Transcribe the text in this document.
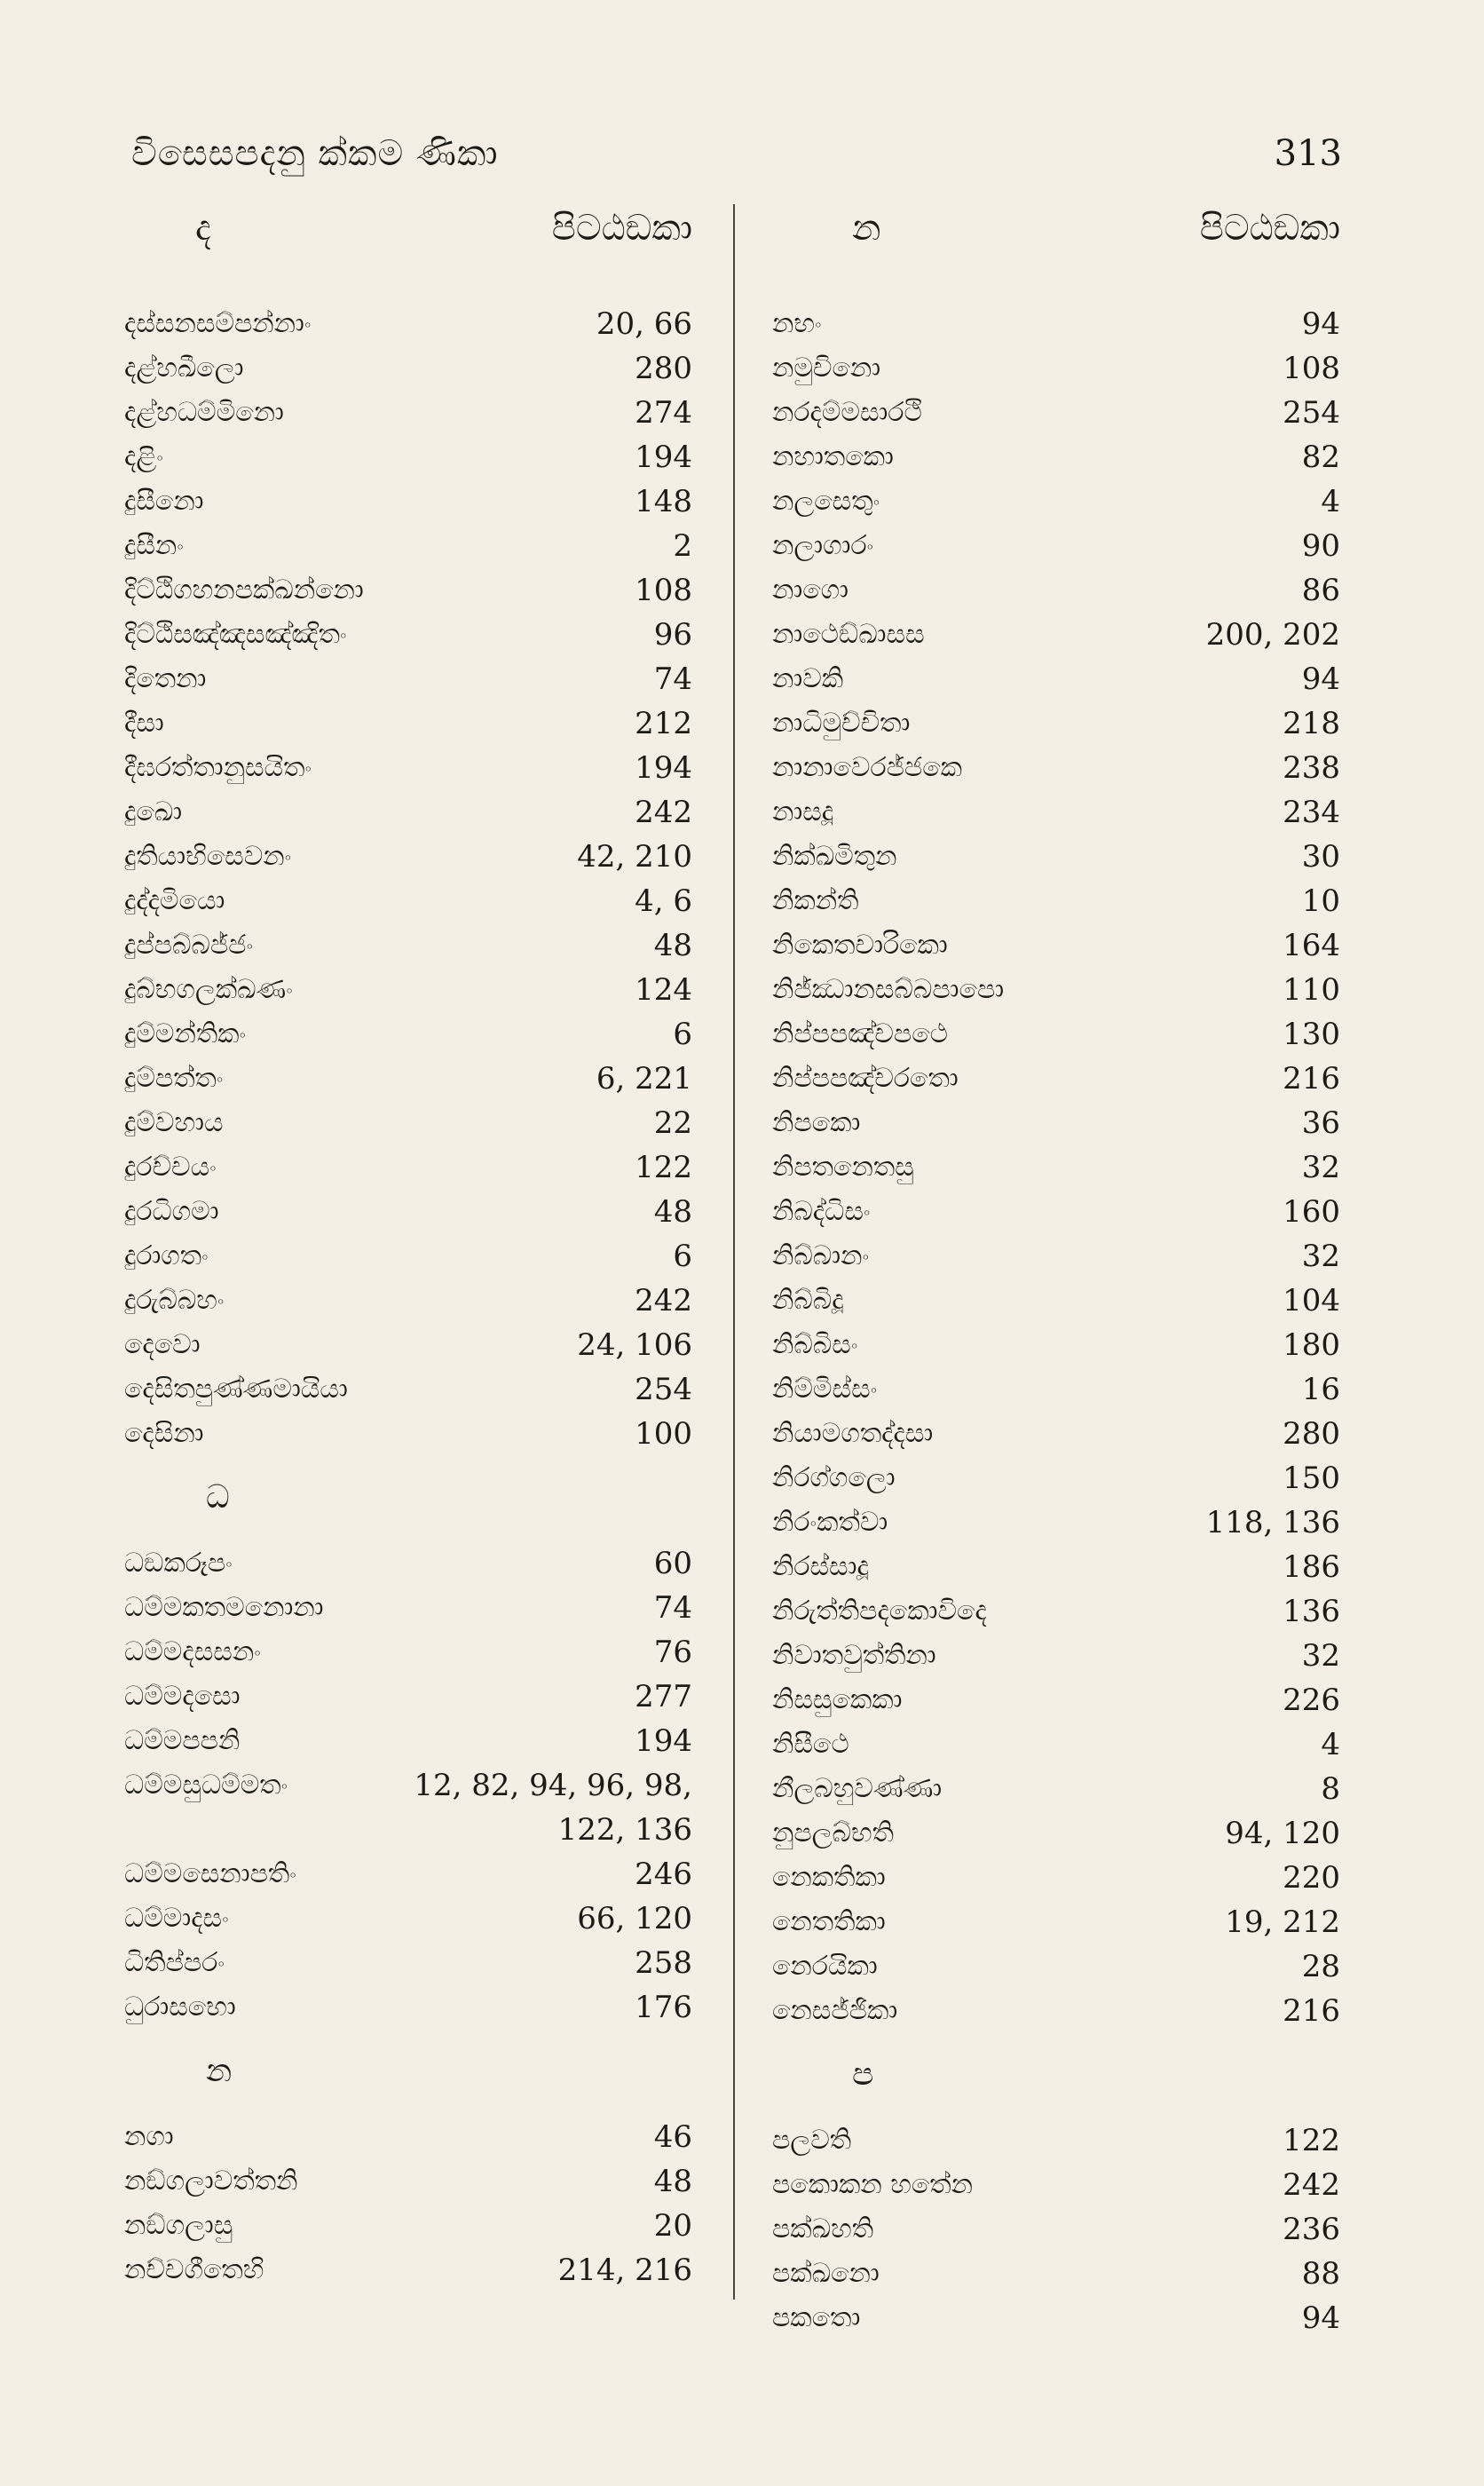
විසෙසපදනු ක්කම ණිකා	313
ද	පිටඨඞකා
දස්සනසම්පන්නාං	20, 66
දළ්හඛීලො	280
දළ්හධම්මිනො	274
දළිං	194
දුසීනො	148
දුසීනං	2
දිට්ඨිගහනපක්ඛන්නො	108
දිට්ඨිසඤ්ඤසඤ්ඤිතං	96
දිතෙනා	74
දීසා	212
දීඝරත්තානුසයිතං	194
දුඛො	242
දුතියාභිසෙවනං	42, 210
දුද්දමියො	4, 6
දුප්පබ්බජ්ජං	48
දුබ්භගලක්ඛණං	124
දුම්මන්තිකං	6
දුම්පත්තං	6, 221
දුම්වහාය	22
දුරච්චයං	122
දුරධිගමා	48
දුරාගතං	6
දුරුබ්බහං	242
දෙවො	24, 106
දෙසිතපුණ්ණමායියා	254
දෙසිනා	100
ධ
ධඞකරූපං	60
ධම්මකතමනොනා	74
ධම්මදසසනං	76
ධම්මදසො	277
ධම්මපපනි	194
ධම්මසුධම්මතං	12, 82, 94, 96, 98,
122, 136
ධම්මසෙනාපතිං	246
ධම්මාදසං	66, 120
ධිතිප්පරං	258
ධුරාසභො	176
න
නගා	46
නඞ්ගලාවත්තනි	48
නඞ්ගලාසු	20
නච්චගීතෙහි	214, 216
න	පිටඨඞකා
නභං	94
නමුචිනො	108
නරදම්මසාරථි	254
නහාතකො	82
නලසෙතුං	4
නලාගාරං	90
නාගො	86
නාථෙඞ්ඛාසස	200, 202
නාවකි	94
නාධිමුච්චිතා	218
නානාවෙරජ්ජකෙ	238
නාසදූ	234
නික්ඛමිතුන	30
නිකන්ති	10
නිකෙතචාරිකො	164
නිජ්ඣානසබ්බපාපො	110
නිප්පපඤ්චපථෙ	130
නිප්පපඤ්චරතො	216
නිපකො	36
නිපතනෙතසු	32
නිබද්ධිසං	160
නිබ්බානං	32
නිබ්බිදූ	104
නිබ්බිසං	180
නිම්මිස්සං	16
නියාමගතද්දසා	280
නිරග්ගලො	150
නිරංකත්වා	118, 136
නිරස්සාදූ	186
නිරුත්තිපදකොවිදෙ	136
නිවාතවුත්තිනා	32
නිසසුකෙකා	226
නිසීථෙ	4
නීලබහුවණ්ණා	8
නුපලබ්භති	94, 120
නෙකතිකා	220
නෙතතිකා	19, 212
නෙරයිකා	28
නෙසජ්ජිකා	216
ප
පලවති	122
පකොකන හතේන	242
පක්ඛහති	236
පක්ඛනො	88
පකතො	94
